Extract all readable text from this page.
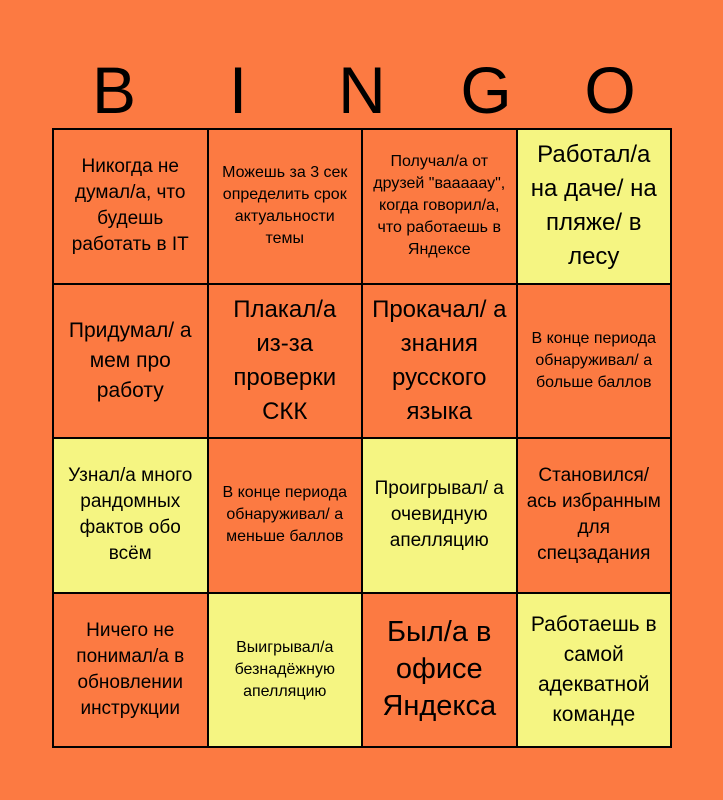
B	I	N	G	O
Никогда не думал/а, что будешь работать в IT
Можешь за 3 сек определить срок актуальности темы
Получал/а от друзей "вааааау", когда говорил/а, что работаешь в Яндексе
Работал/а на даче/ на пляже/ в лесу
Придумал/ а мем про работу
Плакал/а из-за проверки СКК
Прокачал/ а знания русского языка
В конце периода обнаруживал/ а больше баллов
Узнал/а много рандомных фактов обо всём
В конце периода обнаруживал/ а меньше баллов
Проигрывал/ а очевидную апелляцию
Становился/ ась избранным для спецзадания
Ничего не понимал/а в обновлении инструкции
Выигрывал/а безнадёжную апелляцию
Был/а в офисе Яндекса
Работаешь в самой адекватной команде
